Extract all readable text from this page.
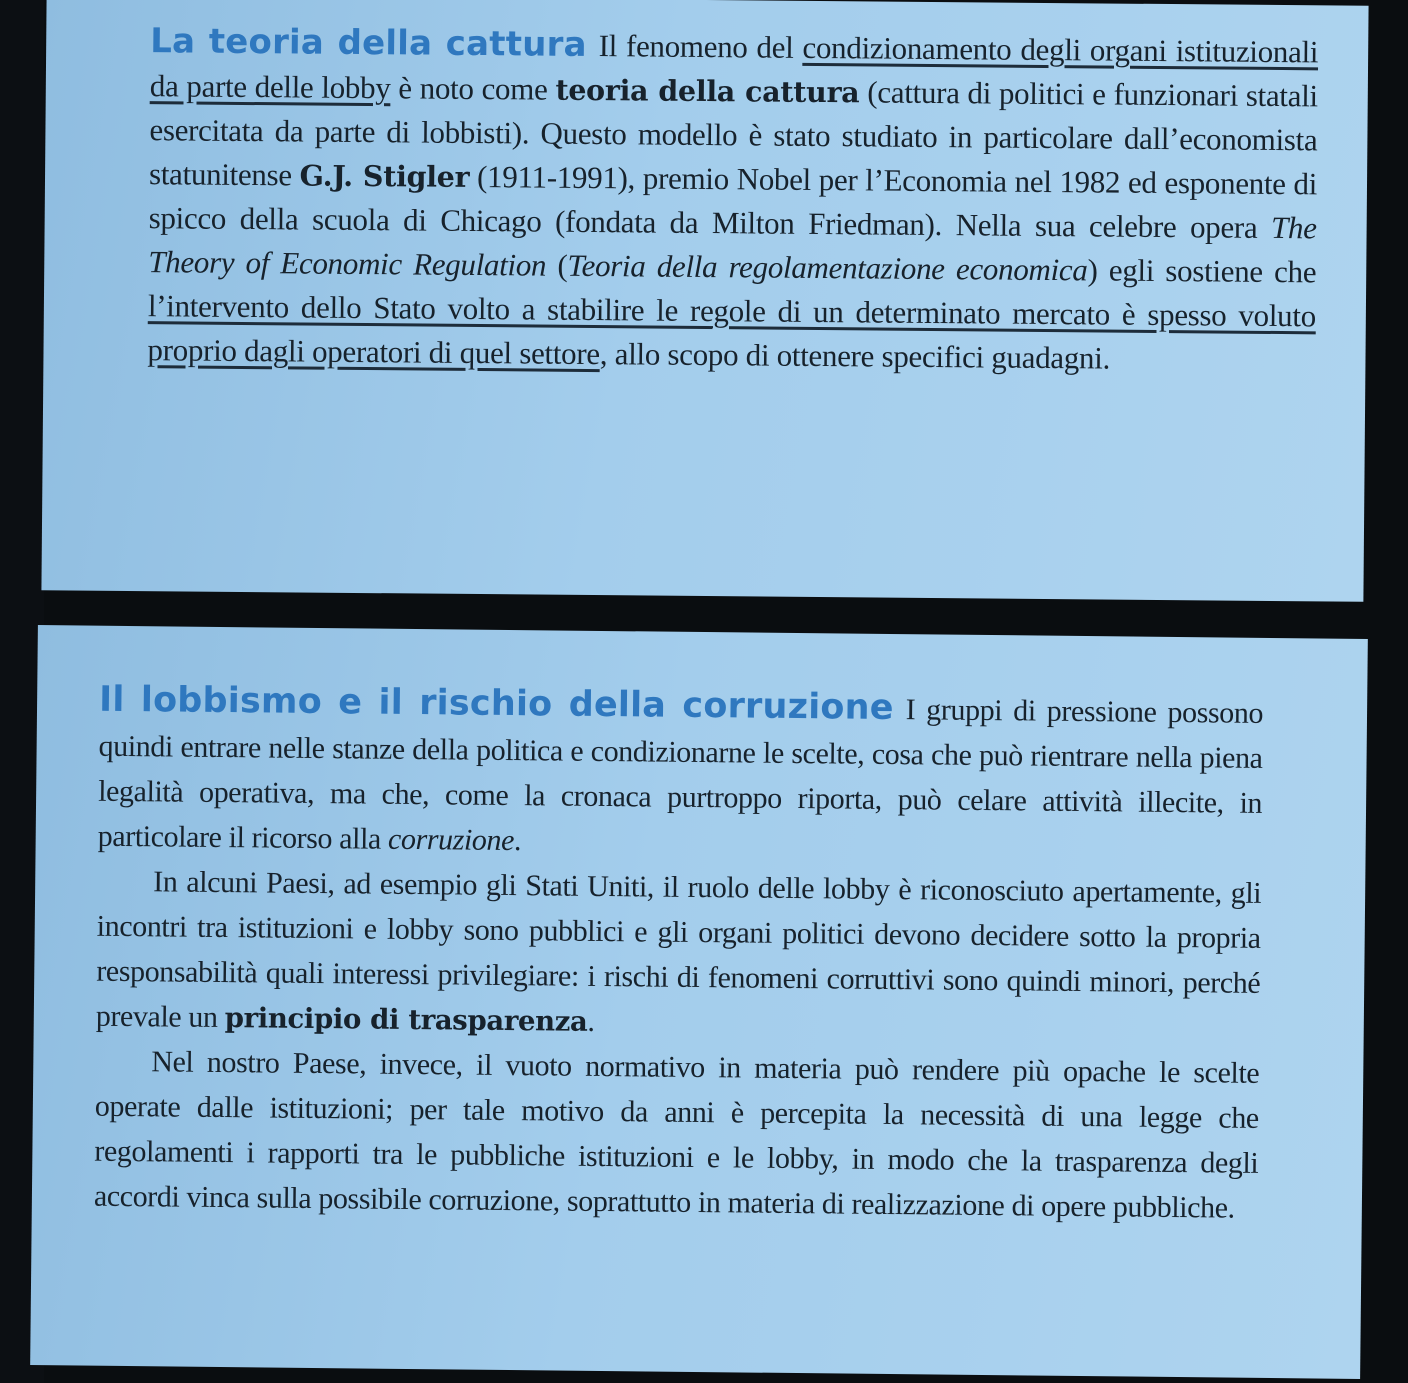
La teoria della cattura Il fenomeno del condizionamento degli organi istituzionali da parte delle lobby è noto come teoria della cattura (cattura di politici e funzionari statali esercitata da parte di lobbisti). Questo modello è stato studiato in particolare dall’economista statunitense G.J. Stigler (1911-1991), premio Nobel per l’Economia nel 1982 ed esponente di spicco della scuola di Chicago (fondata da Milton Friedman). Nella sua celebre opera The Theory of Economic Regulation (Teoria della regolamentazione economica) egli sostiene che l’intervento dello Stato volto a stabilire le regole di un determinato mercato è spesso voluto proprio dagli operatori di quel settore, allo scopo di ottenere specifici guadagni.

Il lobbismo e il rischio della corruzione I gruppi di pressione possono quindi entrare nelle stanze della politica e condizionarne le scelte, cosa che può rientrare nella piena legalità operativa, ma che, come la cronaca purtroppo riporta, può celare attività illecite, in particolare il ricorso alla corruzione.

In alcuni Paesi, ad esempio gli Stati Uniti, il ruolo delle lobby è riconosciuto apertamente, gli incontri tra istituzioni e lobby sono pubblici e gli organi politici devono decidere sotto la propria responsabilità quali interessi privilegiare: i rischi di fenomeni corruttivi sono quindi minori, perché prevale un principio di trasparenza.

Nel nostro Paese, invece, il vuoto normativo in materia può rendere più opache le scelte operate dalle istituzioni; per tale motivo da anni è percepita la necessità di una legge che regolamenti i rapporti tra le pubbliche istituzioni e le lobby, in modo che la trasparenza degli accordi vinca sulla possibile corruzione, soprattutto in materia di realizzazione di opere pubbliche.
